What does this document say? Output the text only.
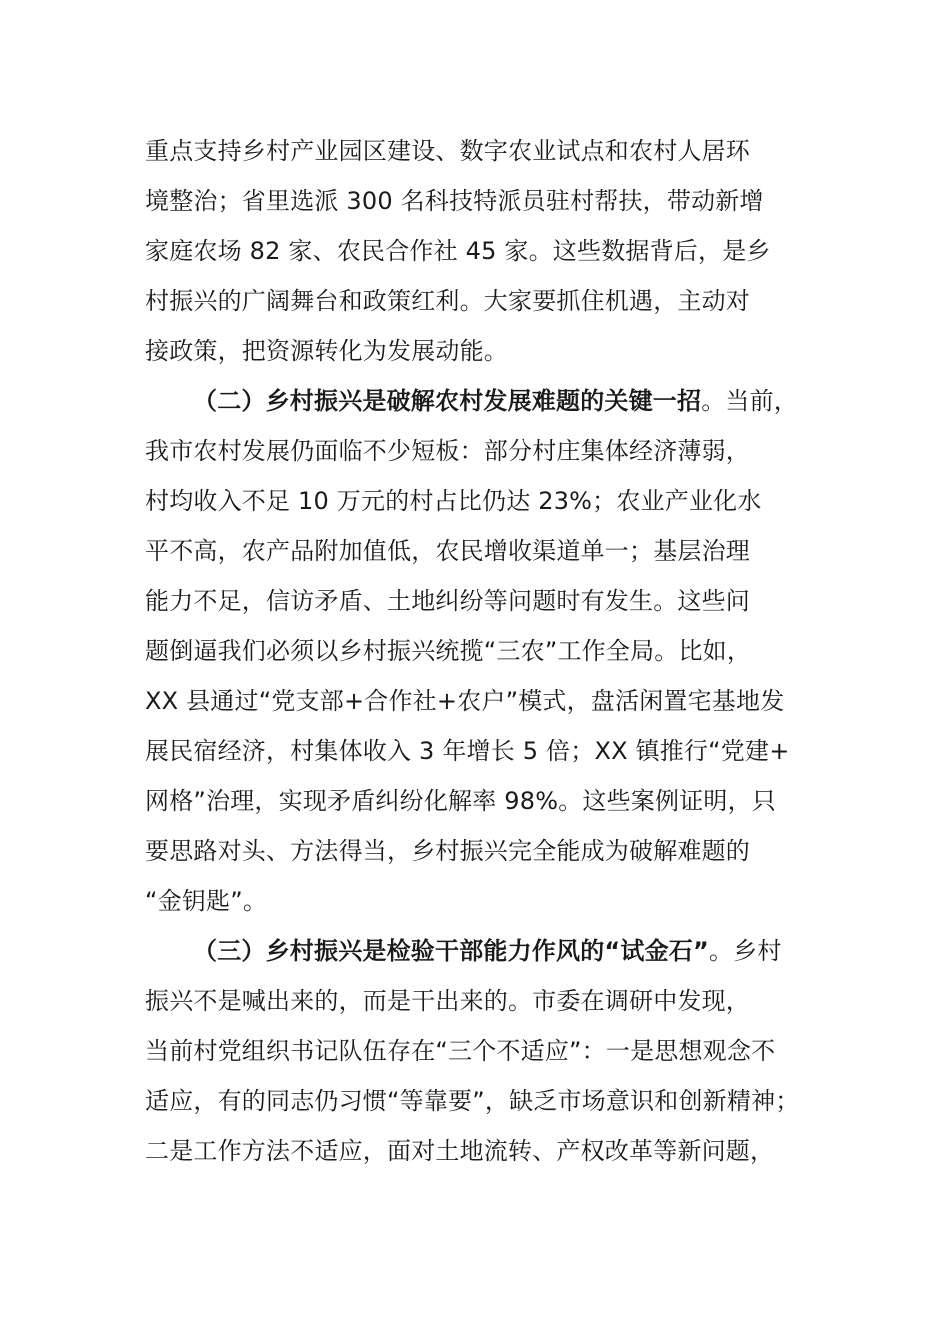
重点支持乡村产业园区建设、数字农业试点和农村人居环
境整治；省里选派 300 名科技特派员驻村帮扶，带动新增
家庭农场 82 家、农民合作社 45 家。这些数据背后，是乡
村振兴的广阔舞台和政策红利。大家要抓住机遇，主动对
接政策，把资源转化为发展动能。
（二）乡村振兴是破解农村发展难题的关键一招。当前，
我市农村发展仍面临不少短板：部分村庄集体经济薄弱，
村均收入不足 10 万元的村占比仍达 23%；农业产业化水
平不高，农产品附加值低，农民增收渠道单一；基层治理
能力不足，信访矛盾、土地纠纷等问题时有发生。这些问
题倒逼我们必须以乡村振兴统揽“三农”工作全局。比如，
XX 县通过“党支部+合作社+农户”模式，盘活闲置宅基地发
展民宿经济，村集体收入 3 年增长 5 倍；XX 镇推行“党建+
网格”治理，实现矛盾纠纷化解率 98%。这些案例证明，只
要思路对头、方法得当，乡村振兴完全能成为破解难题的
“金钥匙”。
（三）乡村振兴是检验干部能力作风的“试金石”。乡村
振兴不是喊出来的，而是干出来的。市委在调研中发现，
当前村党组织书记队伍存在“三个不适应”：一是思想观念不
适应，有的同志仍习惯“等靠要”，缺乏市场意识和创新精神；
二是工作方法不适应，面对土地流转、产权改革等新问题，
